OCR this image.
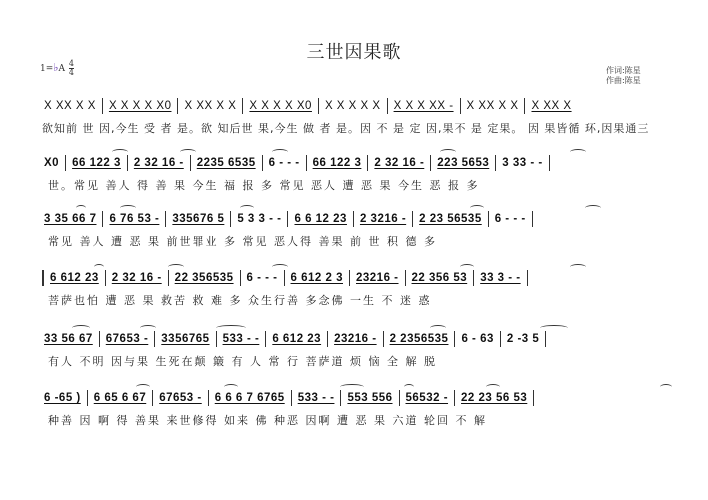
三世因果歌
1=♭A $\frac{4}{4}$	作词:陈星
作曲:陈星
X XX X X X X X X X0 X XX X X X X X X X0 X X X X X X X X XX - X XX X X X XX X
欲知前 世 因,今生 受 者 是。欲 知后世 果,今生 做 者 是。因 不 是 定 因,果不 是 定果。 因 果皆循 环,因果通三
X0 66 122 3 2 32 16 - 2235 6535 6 - - - 66 122 3 2 32 16 - 223 5653 3 33 - -
世。常见 善人 得 善 果 今生 福 报 多 常见 恶人 遭 恶 果 今生 恶 报 多
3 35 66 7 6 76 53 - 335676 5 5 3 3 - - 6 6 12 23 2 3216 - 2 23 56535 6 - - -
常见 善人 遭 恶 果 前世罪业 多 常见 恶人得 善果 前 世 积 德 多
6 612 23 2 32 16 - 22 356535 6 - - - 6 612 2 3 23216 - 22 356 53 33 3 - -
菩萨也怕 遭 恶 果 救苦 救 难 多 众生行善 多念佛 一生 不 迷 惑
33 56 67 67653 - 3356765 533 - - 6 612 23 23216 - 2 2356535 6 - 63 2 -3 5
有人 不明 因与果 生死在颠 簸 有 人 常 行 菩萨道 烦 恼 全 解 脱
6 -65 ) 6 65 6 67 67653 - 6 6 6 7 6765 533 - - 553 556 56532 - 22 23 56 53
种善 因 啊 得 善果 来世修得 如来 佛 种恶 因啊 遭 恶 果 六道 轮回 不 解
